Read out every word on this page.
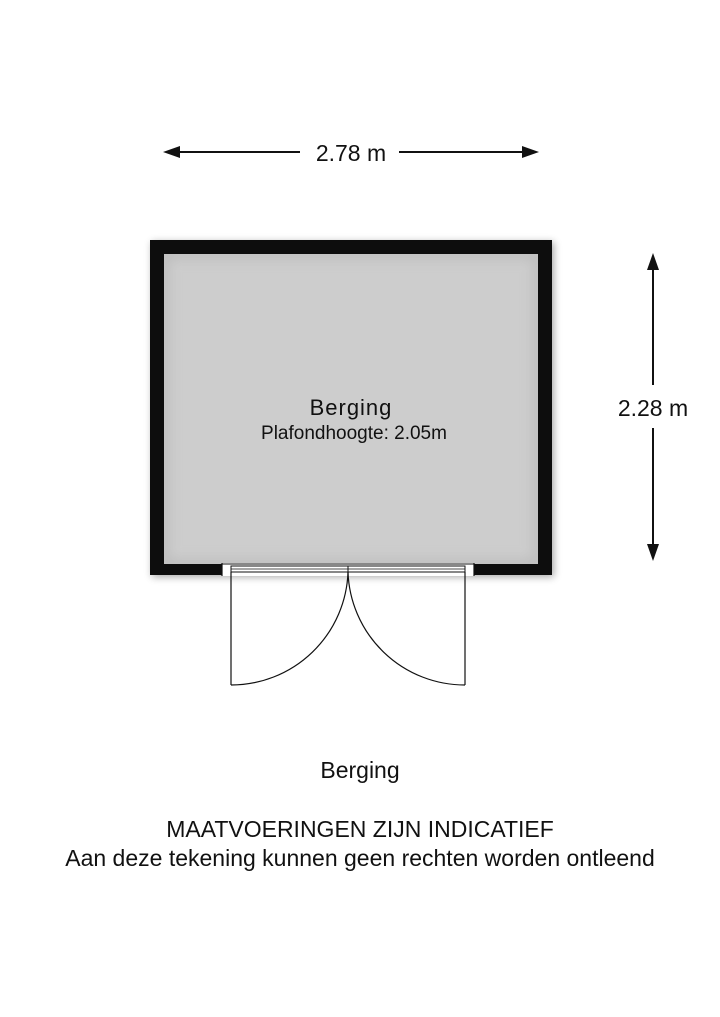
2.78 m
2.28 m
Berging
Plafondhoogte: 2.05m
Berging
MAATVOERINGEN ZIJN INDICATIEF
Aan deze tekening kunnen geen rechten worden ontleend
